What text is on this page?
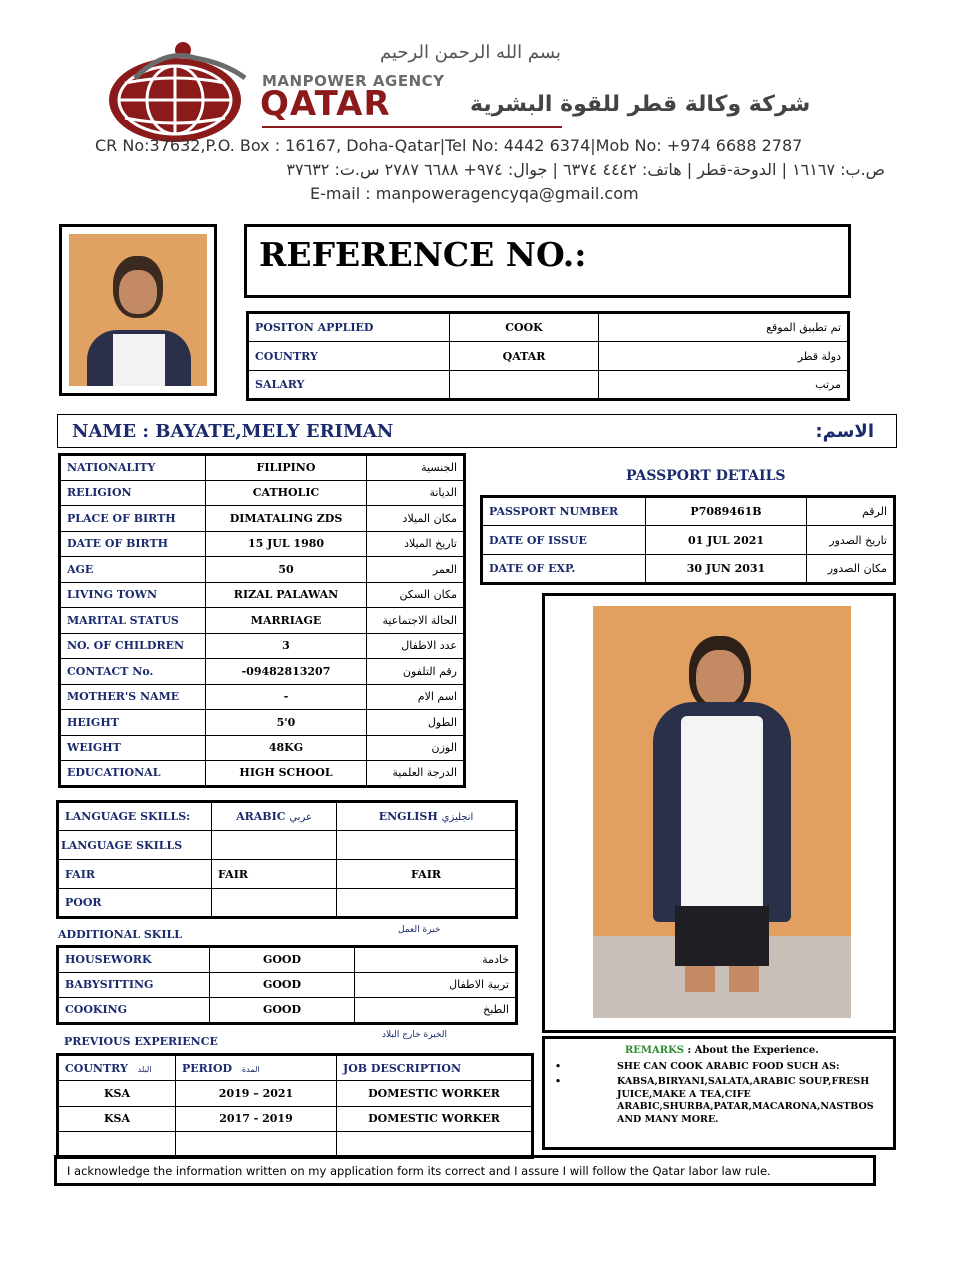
بسم الله الرحمن الرحيم
MANPOWER AGENCY
QATAR	شركة وكالة قطر للقوة البشرية
CR No:37632,P.O. Box : 16167, Doha-Qatar|Tel No: 4442 6374|Mob No: +974 6688 2787
ص.ب: ١٦١٦٧ | الدوحة-قطر | هاتف: ٤٤٤٢ ٦٣٧٤ | جوال: ٩٧٤+ ٦٦٨٨ ٢٧٨٧ س.ت: ٣٧٦٣٢
E-mail : manpoweragencyqa@gmail.com
REFERENCE NO.:
POSITON APPLIED	COOK	تم تطبيق الموقع
COUNTRY	QATAR	دولة قطر
SALARY		مرتب
NAME : BAYATE,MELY ERIMAN	الاسم:
NATIONALITY	FILIPINO	الجنسية
RELIGION	CATHOLIC	الديانة
PLACE OF BIRTH	DIMATALING ZDS	مكان الميلاد
DATE OF BIRTH	15 JUL 1980	تاريخ الميلاد
AGE	50	العمر
LIVING TOWN	RIZAL PALAWAN	مكان السكن
MARITAL STATUS	MARRIAGE	الحالة الاجتماعية
NO. OF CHILDREN	3	عدد الاطفال
CONTACT No.	-09482813207	رقم التلفون
MOTHER'S NAME	-	اسم الام
HEIGHT	5'0	الطول
WEIGHT	48KG	الوزن
EDUCATIONAL	HIGH SCHOOL	الدرجة العلمية
PASSPORT DETAILS
PASSPORT NUMBER	P7089461B	الرقم
DATE OF ISSUE	01 JUL 2021	تاريخ الصدور
DATE OF EXP.	30 JUN 2031	مكان الصدور
LANGUAGE SKILLS:	ARABIC عربي	ENGLISH انجليزي
LANGUAGE SKILLS		
FAIR	FAIR	FAIR
POOR		
ADDITIONAL SKILL	خبرة العمل
HOUSEWORK	GOOD	خادمة
BABYSITTING	GOOD	تربية الاطفال
COOKING	GOOD	الطبخ
PREVIOUS EXPERIENCE	الخبرة خارج البلاد
COUNTRY البلد	PERIOD المدة	JOB DESCRIPTION
KSA	2019 – 2021	DOMESTIC WORKER
KSA	2017 - 2019	DOMESTIC WORKER

REMARKS : About the Experience.
•	SHE CAN COOK ARABIC FOOD SUCH AS:
•	KABSA,BIRYANI,SALATA,ARABIC SOUP,FRESH JUICE,MAKE A TEA,CIFE ARABIC,SHURBA,PATAR,MACARONA,NASTBOS AND MANY MORE.
I acknowledge the information written on my application form its correct and I assure I will follow the Qatar labor law rule.
